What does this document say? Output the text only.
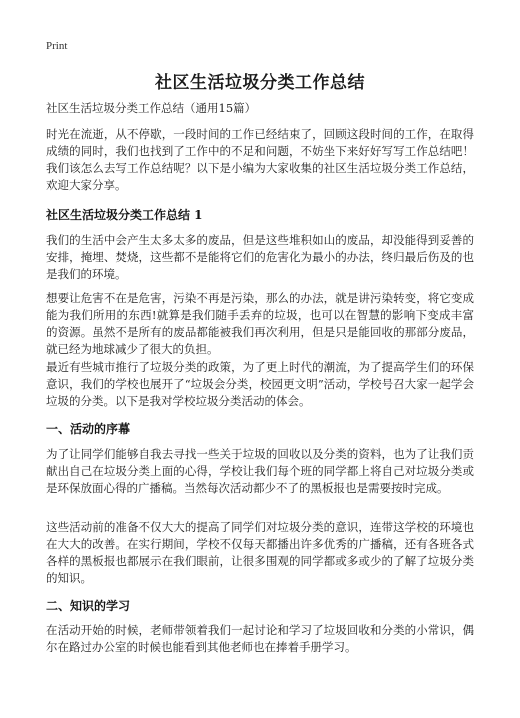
Print
社区生活垃圾分类工作总结
社区生活垃圾分类工作总结（通用15篇）

时光在流逝，从不停歇，一段时间的工作已经结束了，回顾这段时间的工作，在取得成绩的同时，我们也找到了工作中的不足和问题，不妨坐下来好好写写工作总结吧！我们该怎么去写工作总结呢？以下是小编为大家收集的社区生活垃圾分类工作总结，欢迎大家分享。

社区生活垃圾分类工作总结 1

我们的生活中会产生太多太多的废品，但是这些堆积如山的废品，却没能得到妥善的安排，掩埋、焚烧，这些都不是能将它们的危害化为最小的办法，终归最后伤及的也是我们的环境。

想要让危害不在是危害，污染不再是污染，那么的办法，就是讲污染转变，将它变成能为我们所用的东西!就算是我们随手丢弃的垃圾，也可以在智慧的影响下变成丰富的资源。虽然不是所有的废品都能被我们再次利用，但是只是能回收的那部分废品，就已经为地球减少了很大的负担。

最近有些城市推行了垃圾分类的政策，为了更上时代的潮流，为了提高学生们的环保意识，我们的学校也展开了“垃圾会分类，校园更文明”活动，学校号召大家一起学会垃圾的分类。以下是我对学校垃圾分类活动的体会。

一、活动的序幕

为了让同学们能够自我去寻找一些关于垃圾的回收以及分类的资料，也为了让我们贡献出自己在垃圾分类上面的心得，学校让我们每个班的同学都上将自己对垃圾分类或是环保放面心得的广播稿。当然每次活动都少不了的黑板报也是需要按时完成。

这些活动前的准备不仅大大的提高了同学们对垃圾分类的意识，连带这学校的环境也在大大的改善。在实行期间，学校不仅每天都播出许多优秀的广播稿，还有各班各式各样的黑板报也都展示在我们眼前，让很多围观的同学都或多或少的了解了垃圾分类的知识。

二、知识的学习

在活动开始的时候，老师带领着我们一起讨论和学习了垃圾回收和分类的小常识，偶尔在路过办公室的时候也能看到其他老师也在捧着手册学习。
